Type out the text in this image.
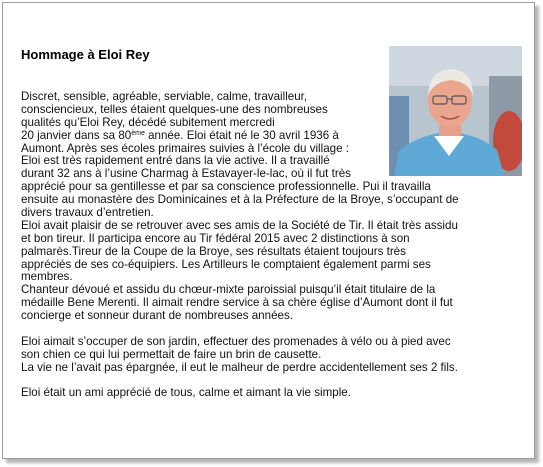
Hommage à Eloi Rey
Discret, sensible, agréable, serviable, calme, travailleur,
consciencieux, telles étaient quelques-une des nombreuses
qualités qu’Eloi Rey, décédé subitement mercredi
20 janvier dans sa 80ème année. Eloi était né le 30 avril 1936 à
Aumont. Après ses écoles primaires suivies à l’école du village :
Eloi est très rapidement entré dans la vie active. Il a travaillé
durant 32 ans à l’usine Charmag à Estavayer-le-lac, où il fut très
apprécié pour sa gentillesse et par sa conscience professionnelle. Pui il travailla
ensuite au monastère des Dominicaines et à la Préfecture de la Broye, s’occupant de
divers travaux d’entretien.
Eloi avait plaisir de se retrouver avec ses amis de la Société de Tir. Il était très assidu
et bon tireur. Il participa encore au Tir fédéral 2015 avec 2 distinctions à son
palmarès.Tireur de la Coupe de la Broye, ses résultats étaient toujours très
appréciés de ses co-équipiers. Les Artilleurs le comptaient également parmi ses
membres.
Chanteur dévoué et assidu du chœur-mixte paroissial puisqu’il était titulaire de la
médaille Bene Merenti. Il aimait rendre service à sa chère église d’Aumont dont il fut
concierge et sonneur durant de nombreuses années.
Eloi aimait s’occuper de son jardin, effectuer des promenades à vélo ou à pied avec
son chien ce qui lui permettait de faire un brin de causette.
La vie ne l’avait pas épargnée, il eut le malheur de perdre accidentellement ses 2 fils.
Eloi était un ami apprécié de tous, calme et aimant la vie simple.
